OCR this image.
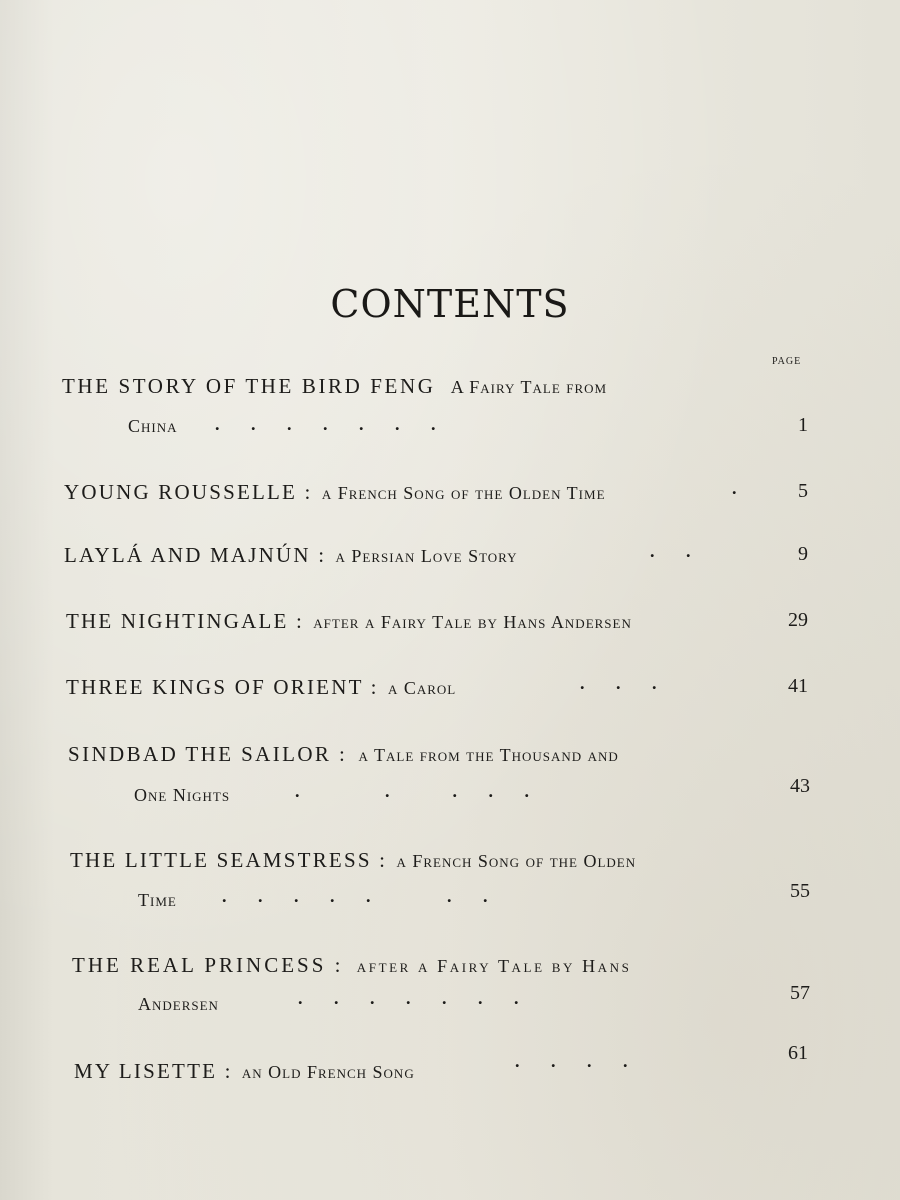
CONTENTS
PAGE
THE STORY OF THE BIRD FENG A Fairy Tale from
China .       .       .       .       .       .       .	1
YOUNG ROUSSELLE : a French Song of the Olden Time	.	5
LAYLÁ AND MAJNÚN : a Persian Love Story	.       .	9
THE NIGHTINGALE : after a Fairy Tale by Hans Andersen	29
THREE KINGS OF ORIENT : a Carol	.       .       .	41
SINDBAD THE SAILOR : a Tale from the Thousand and
One Nights	.                   .              .       .       .	43
THE LITTLE SEAMSTRESS : a French Song of the Olden
Time	.       .       .       .       .                 .       .	55
THE REAL PRINCESS : after a Fairy Tale by Hans
Andersen	.       .       .       .       .       .       .	57
MY LISETTE : an Old French Song
.       .       .       .	61
